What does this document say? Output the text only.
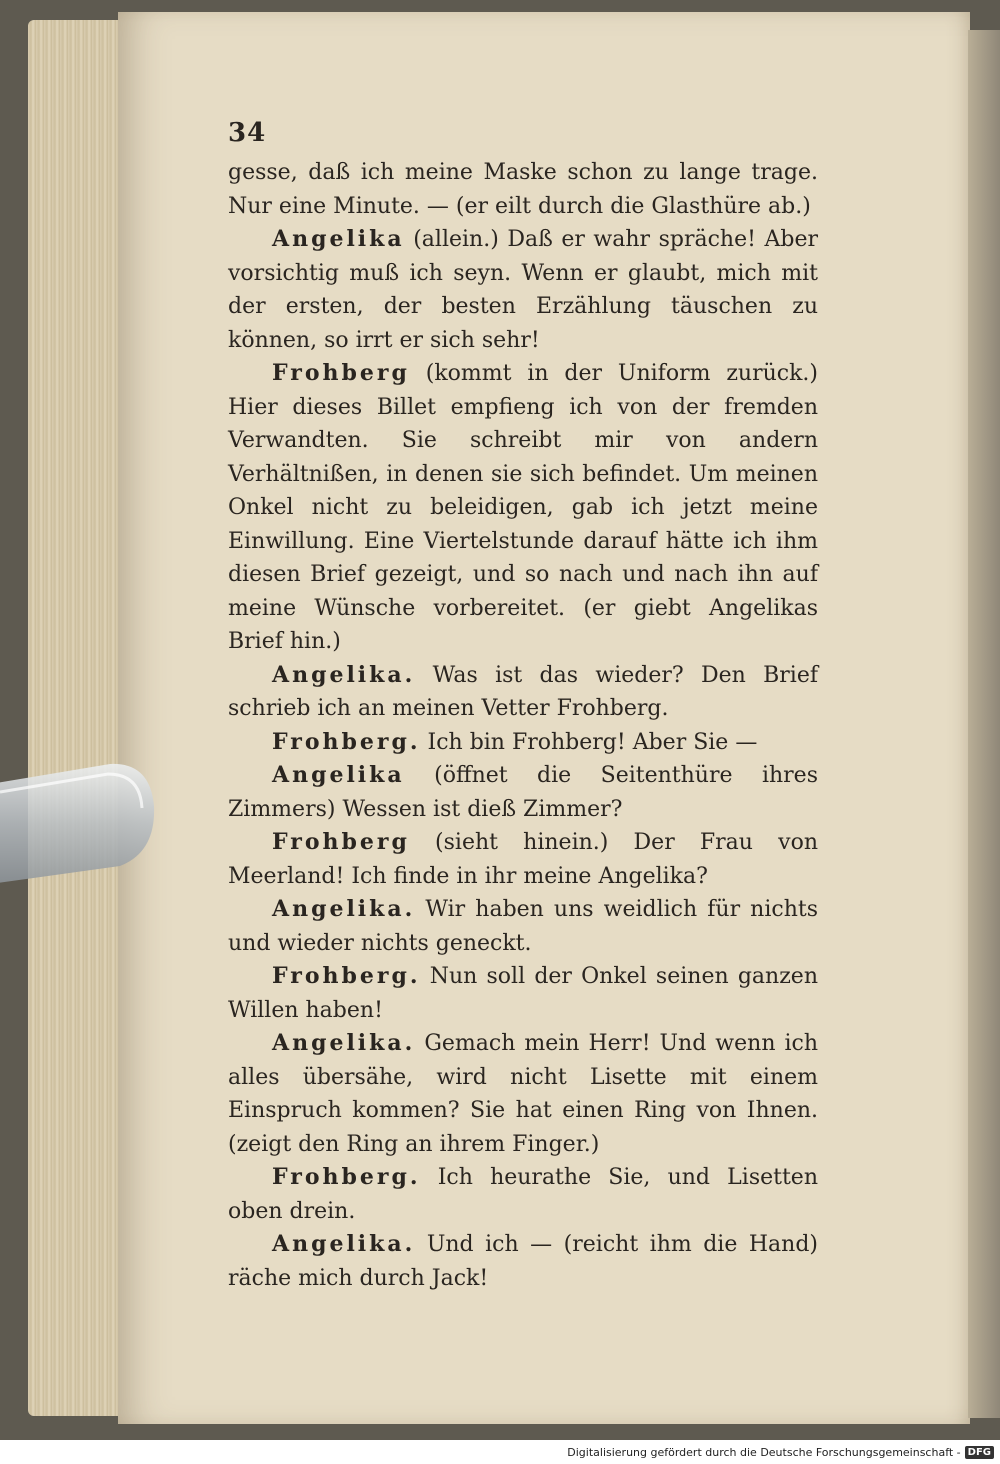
34

gesse, daß ich meine Maske schon zu lange trage. Nur eine Minute. — (er eilt durch die Glasthüre ab.)

Angelika (allein.) Daß er wahr spräche! Aber vorsichtig muß ich seyn. Wenn er glaubt, mich mit der ersten, der besten Erzählung täuschen zu können, so irrt er sich sehr!

Frohberg (kommt in der Uniform zurück.) Hier dieses Billet empfieng ich von der fremden Verwandten. Sie schreibt mir von andern Verhältnißen, in denen sie sich befindet. Um meinen Onkel nicht zu beleidigen, gab ich jetzt meine Einwillung. Eine Viertelstunde darauf hätte ich ihm diesen Brief gezeigt, und so nach und nach ihn auf meine Wünsche vorbereitet. (er giebt Angelikas Brief hin.)

Angelika. Was ist das wieder? Den Brief schrieb ich an meinen Vetter Frohberg.

Frohberg. Ich bin Frohberg! Aber Sie —

Angelika (öffnet die Seitenthüre ihres Zimmers) Wessen ist dieß Zimmer?

Frohberg (sieht hinein.) Der Frau von Meerland! Ich finde in ihr meine Angelika?

Angelika. Wir haben uns weidlich für nichts und wieder nichts geneckt.

Frohberg. Nun soll der Onkel seinen ganzen Willen haben!

Angelika. Gemach mein Herr! Und wenn ich alles übersähe, wird nicht Lisette mit einem Einspruch kommen? Sie hat einen Ring von Ihnen. (zeigt den Ring an ihrem Finger.)

Frohberg. Ich heurathe Sie, und Lisetten oben drein.

Angelika. Und ich — (reicht ihm die Hand) räche mich durch Jack!

Digitalisierung gefördert durch die Deutsche Forschungsgemeinschaft - DFG
